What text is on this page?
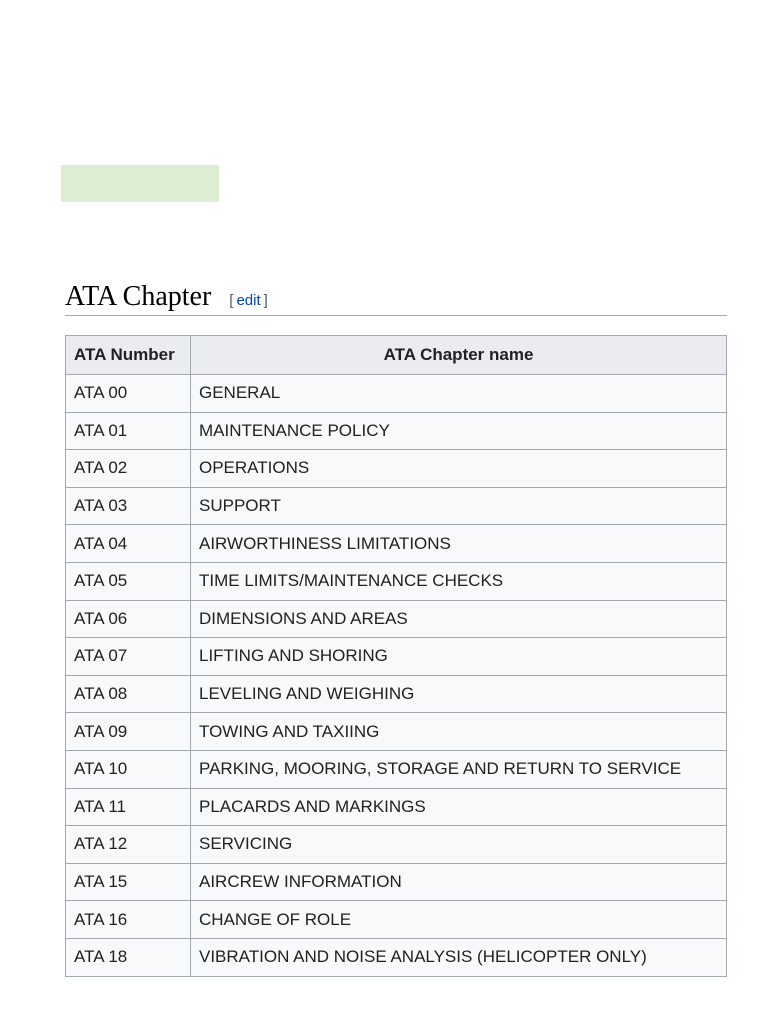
ATA Chapter [ edit ]
ATA Number	ATA Chapter name
ATA 00	GENERAL
ATA 01	MAINTENANCE POLICY
ATA 02	OPERATIONS
ATA 03	SUPPORT
ATA 04	AIRWORTHINESS LIMITATIONS
ATA 05	TIME LIMITS/MAINTENANCE CHECKS
ATA 06	DIMENSIONS AND AREAS
ATA 07	LIFTING AND SHORING
ATA 08	LEVELING AND WEIGHING
ATA 09	TOWING AND TAXIING
ATA 10	PARKING, MOORING, STORAGE AND RETURN TO SERVICE
ATA 11	PLACARDS AND MARKINGS
ATA 12	SERVICING
ATA 15	AIRCREW INFORMATION
ATA 16	CHANGE OF ROLE
ATA 18	VIBRATION AND NOISE ANALYSIS (HELICOPTER ONLY)
